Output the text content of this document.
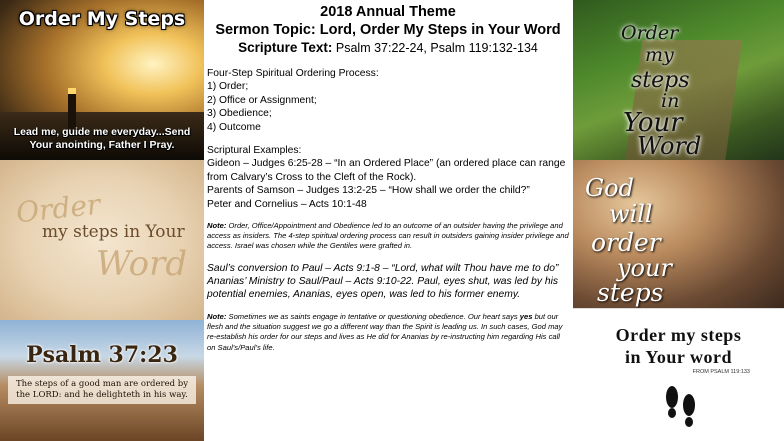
Order My Steps
Lead me, guide me everyday...Send Your anointing, Father I Pray.
Order
my steps in Your
Word
Psalm 37:23
The steps of a good man are ordered by the LORD: and he delighteth in his way.
2018 Annual Theme
Sermon Topic: Lord, Order My Steps in Your Word
Scripture Text: Psalm 37:22-24, Psalm 119:132-134
Four-Step Spiritual Ordering Process:
1) Order;
2) Office or Assignment;
3) Obedience;
4) Outcome
Scriptural Examples:
Gideon – Judges 6:25-28 – “In an Ordered Place” (an ordered place can range from Calvary’s Cross to the Cleft of the Rock).
Parents of Samson – Judges 13:2-25 – “How shall we order the child?”
Peter and Cornelius – Acts 10:1-48
Note: Order, Office/Appointment and Obedience led to an outcome of an outsider having the privilege and access as insiders. The 4-step spiritual ordering process can result in outsiders gaining insider privilege and access. Israel was chosen while the Gentiles were grafted in.
Saul’s conversion to Paul – Acts 9:1-8 – “Lord, what wilt Thou have me to do”
Ananias’ Ministry to Saul/Paul – Acts 9:10-22. Paul, eyes shut, was led by his potential enemies, Ananias, eyes open, was led to his former enemy.
Note: Sometimes we as saints engage in tentative or questioning obedience. Our heart says yes but our flesh and the situation suggest we go a different way than the Spirit is leading us. In such cases, God may re-establish his order for our steps and lives as He did for Ananias by re-instructing him regarding His call on Saul’s/Paul’s life.
Order
my
steps
in
Your
Word
God
will
order
your
steps
Order my steps
in Your word
FROM PSALM 119:133
